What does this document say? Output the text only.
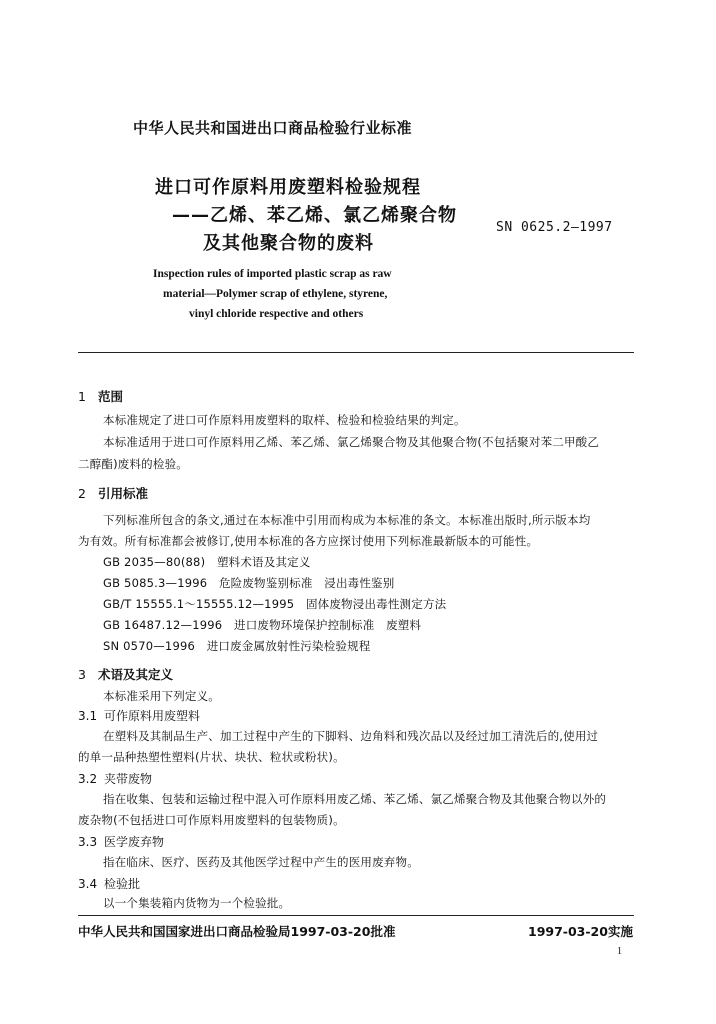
中华人民共和国进出口商品检验行业标准
进口可作原料用废塑料检验规程
——乙烯、苯乙烯、氯乙烯聚合物
及其他聚合物的废料
SN 0625.2—1997
Inspection rules of imported plastic scrap as raw
material—Polymer scrap of ethylene, styrene,
vinyl chloride respective and others
1 范围
本标准规定了进口可作原料用废塑料的取样、检验和检验结果的判定。
本标准适用于进口可作原料用乙烯、苯乙烯、氯乙烯聚合物及其他聚合物(不包括聚对苯二甲酸乙
二醇酯)废料的检验。
2 引用标准
下列标准所包含的条文,通过在本标准中引用而构成为本标准的条文。本标准出版时,所示版本均
为有效。所有标准都会被修订,使用本标准的各方应探讨使用下列标准最新版本的可能性。
GB 2035—80(88)　塑料术语及其定义
GB 5085.3—1996　危险废物鉴别标准　浸出毒性鉴别
GB/T 15555.1～15555.12—1995　固体废物浸出毒性测定方法
GB 16487.12—1996　进口废物环境保护控制标准　废塑料
SN 0570—1996　进口废金属放射性污染检验规程
3 术语及其定义
本标准采用下列定义。
3.1 可作原料用废塑料
在塑料及其制品生产、加工过程中产生的下脚料、边角料和残次品以及经过加工清洗后的,使用过
的单一品种热塑性塑料(片状、块状、粒状或粉状)。
3.2 夹带废物
指在收集、包装和运输过程中混入可作原料用废乙烯、苯乙烯、氯乙烯聚合物及其他聚合物以外的
废杂物(不包括进口可作原料用废塑料的包装物质)。
3.3 医学废弃物
指在临床、医疗、医药及其他医学过程中产生的医用废弃物。
3.4 检验批
以一个集装箱内货物为一个检验批。
中华人民共和国国家进出口商品检验局1997-03-20批准	1997-03-20实施
1
